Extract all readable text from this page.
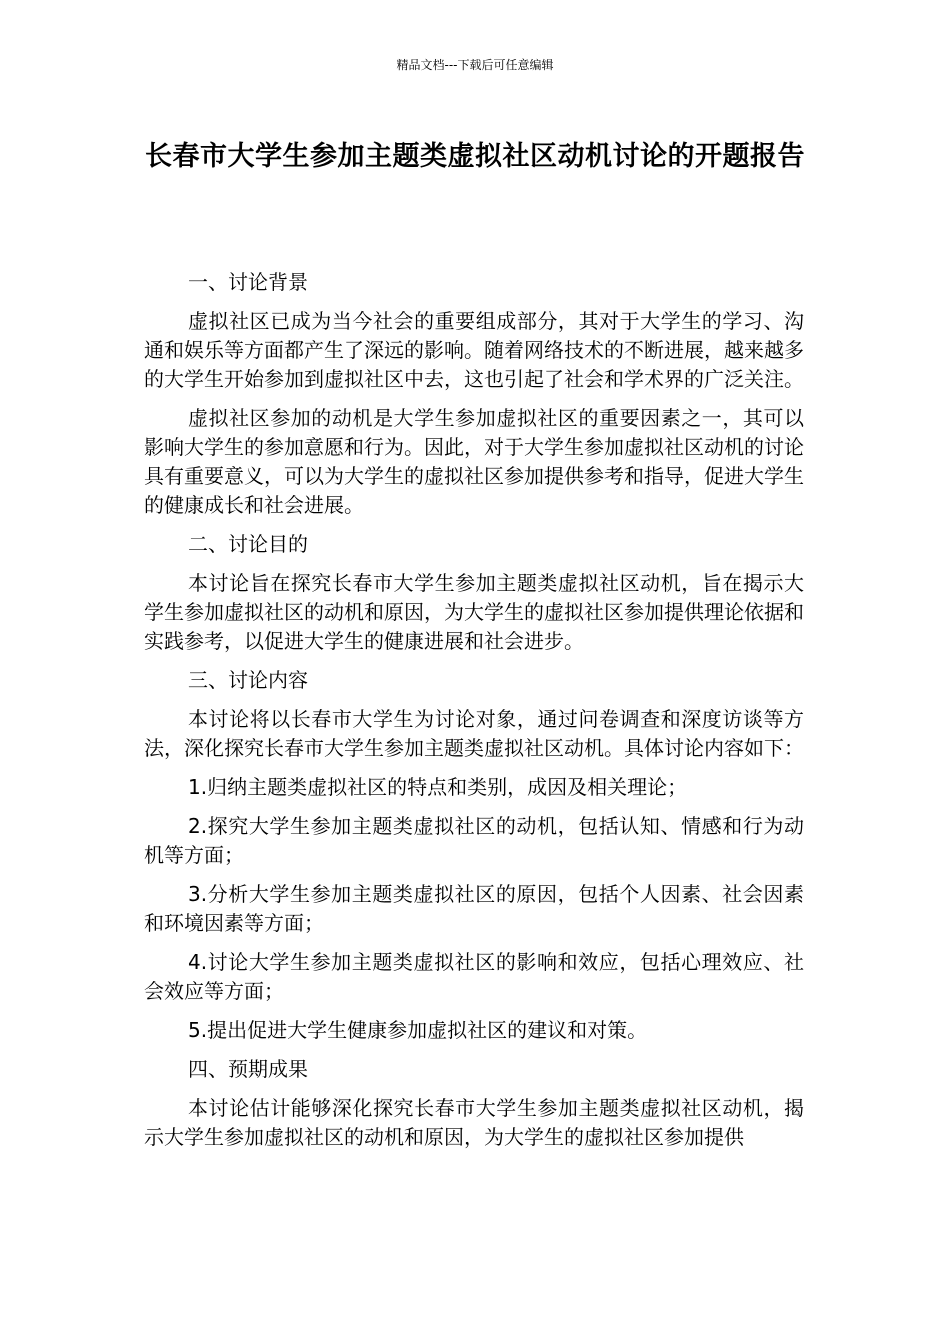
精品文档---下载后可任意编辑
长春市大学生参加主题类虚拟社区动机讨论的开题报告
一、讨论背景

虚拟社区已成为当今社会的重要组成部分，其对于大学生的学习、沟通和娱乐等方面都产生了深远的影响。随着网络技术的不断进展，越来越多的大学生开始参加到虚拟社区中去，这也引起了社会和学术界的广泛关注。

虚拟社区参加的动机是大学生参加虚拟社区的重要因素之一，其可以影响大学生的参加意愿和行为。因此，对于大学生参加虚拟社区动机的讨论具有重要意义，可以为大学生的虚拟社区参加提供参考和指导，促进大学生的健康成长和社会进展。

二、讨论目的

本讨论旨在探究长春市大学生参加主题类虚拟社区动机，旨在揭示大学生参加虚拟社区的动机和原因，为大学生的虚拟社区参加提供理论依据和实践参考，以促进大学生的健康进展和社会进步。

三、讨论内容

本讨论将以长春市大学生为讨论对象，通过问卷调查和深度访谈等方法，深化探究长春市大学生参加主题类虚拟社区动机。具体讨论内容如下：

1.归纳主题类虚拟社区的特点和类别，成因及相关理论；

2.探究大学生参加主题类虚拟社区的动机，包括认知、情感和行为动机等方面；

3.分析大学生参加主题类虚拟社区的原因，包括个人因素、社会因素和环境因素等方面；

4.讨论大学生参加主题类虚拟社区的影响和效应，包括心理效应、社会效应等方面；

5.提出促进大学生健康参加虚拟社区的建议和对策。

四、预期成果

本讨论估计能够深化探究长春市大学生参加主题类虚拟社区动机，揭示大学生参加虚拟社区的动机和原因，为大学生的虚拟社区参加提供
